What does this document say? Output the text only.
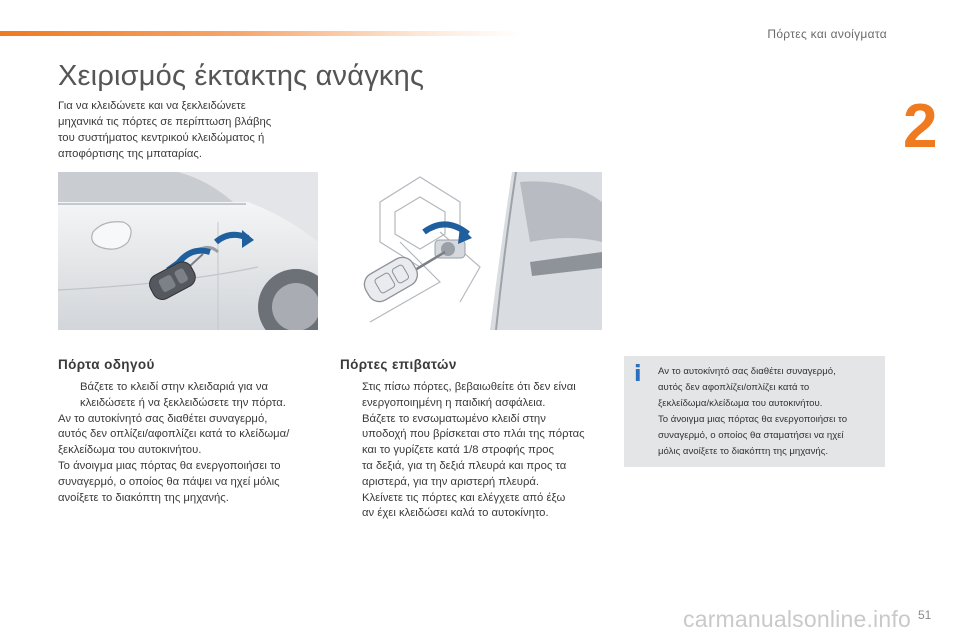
Πόρτες και ανοίγματα
2
Χειρισμός έκτακτης ανάγκης
Για να κλειδώνετε και να ξεκλειδώνετε
μηχανικά τις πόρτες σε περίπτωση βλάβης
του συστήματος κεντρικού κλειδώματος ή
αποφόρτισης της μπαταρίας.
Πόρτα οδηγού	Πόρτες επιβατών
Βάζετε το κλειδί στην κλειδαριά για να
κλειδώσετε ή να ξεκλειδώσετε την πόρτα.
Αν το αυτοκίνητό σας διαθέτει συναγερμό,
αυτός δεν οπλίζει/αφοπλίζει κατά το κλείδωμα/
ξεκλείδωμα του αυτοκινήτου.
Το άνοιγμα μιας πόρτας θα ενεργοποιήσει το
συναγερμό, ο οποίος θα πάψει να ηχεί μόλις
ανοίξετε το διακόπτη της μηχανής.
Στις πίσω πόρτες, βεβαιωθείτε ότι δεν είναι
ενεργοποιημένη η παιδική ασφάλεια.
Βάζετε το ενσωματωμένο κλειδί στην
υποδοχή που βρίσκεται στο πλάι της πόρτας
και το γυρίζετε κατά 1/8 στροφής προς
τα δεξιά, για τη δεξιά πλευρά και προς τα
αριστερά, για την αριστερή πλευρά.
Κλείνετε τις πόρτες και ελέγχετε από έξω
αν έχει κλειδώσει καλά το αυτοκίνητο.
i Αν το αυτοκίνητό σας διαθέτει συναγερμό,
αυτός δεν αφοπλίζει/οπλίζει κατά το
ξεκλείδωμα/κλείδωμα του αυτοκινήτου.
Το άνοιγμα μιας πόρτας θα ενεργοποιήσει το
συναγερμό, ο οποίος θα σταματήσει να ηχεί
μόλις ανοίξετε το διακόπτη της μηχανής.
carmanualsonline.info 51
